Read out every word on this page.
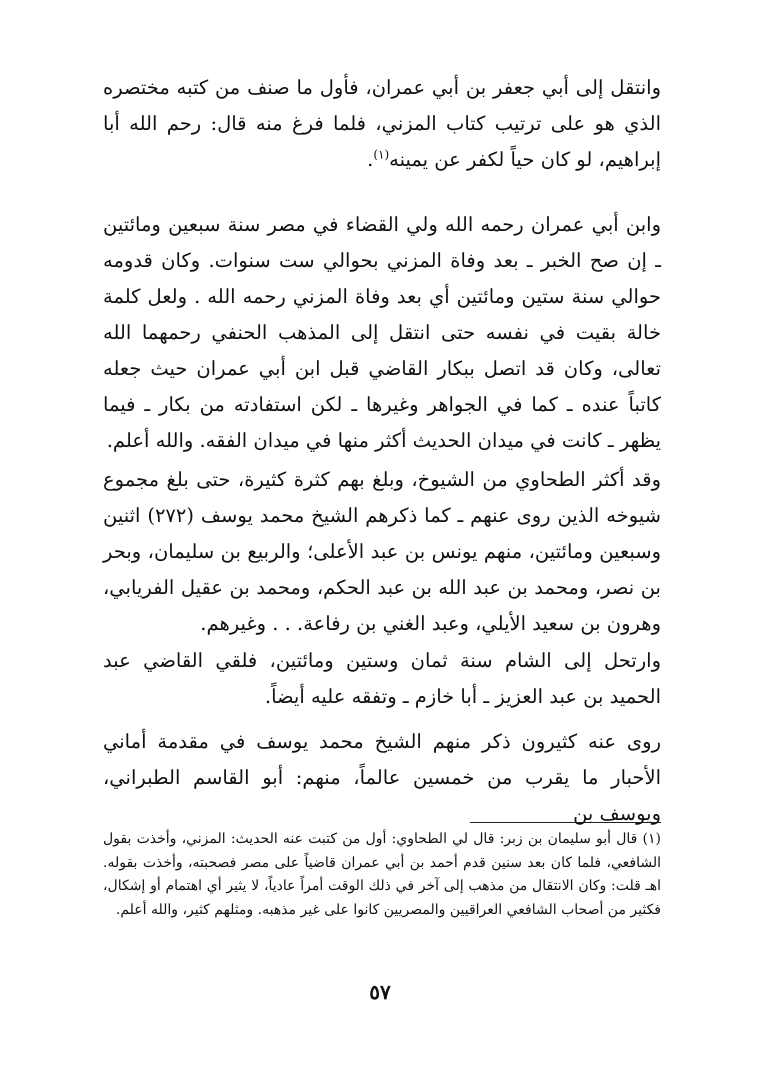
وانتقل إلى أبي جعفر بن أبي عمران، فأول ما صنف من كتبه مختصره الذي هو على ترتيب كتاب المزني، فلما فرغ منه قال: رحم الله أبا إبراهيم، لو كان حياً لكفر عن يمينه$^{(١)}$.

وابن أبي عمران رحمه الله ولي القضاء في مصر سنة سبعين ومائتين ـ إن صح الخبر ـ بعد وفاة المزني بحوالي ست سنوات. وكان قدومه حوالي سنة ستين ومائتين أي بعد وفاة المزني رحمه الله . ولعل كلمة خالة بقيت في نفسه حتى انتقل إلى المذهب الحنفي رحمهما الله تعالى، وكان قد اتصل ببكار القاضي قبل ابن أبي عمران حيث جعله كاتباً عنده ـ كما في الجواهر وغيرها ـ لكن استفادته من بكار ـ فيما يظهر ـ كانت في ميدان الحديث أكثر منها في ميدان الفقه. والله أعلم.

وقد أكثر الطحاوي من الشيوخ، وبلغ بهم كثرة كثيرة، حتى بلغ مجموع شيوخه الذين روى عنهم ـ كما ذكرهم الشيخ محمد يوسف (٢٧٢) اثنين وسبعين ومائتين، منهم يونس بن عبد الأعلى؛ والربيع بن سليمان، وبحر بن نصر، ومحمد بن عبد الله بن عبد الحكم، ومحمد بن عقيل الفريابي، وهرون بن سعيد الأيلي، وعبد الغني بن رفاعة. . . وغيرهم.

وارتحل إلى الشام سنة ثمان وستين ومائتين، فلقي القاضي عبد الحميد بن عبد العزيز ـ أبا خازم ـ وتفقه عليه أيضاً.

روى عنه كثيرون ذكر منهم الشيخ محمد يوسف في مقدمة أماني الأحبار ما يقرب من خمسين عالماً، منهم: أبو القاسم الطبراني، ويوسف بن

(١) قال أبو سليمان بن زبر: قال لي الطحاوي: أول من كتبت عنه الحديث: المزني، وأخذت بقول الشافعي، فلما كان بعد سنين قدم أحمد بن أبي عمران قاضياً على مصر فصحبته، وأخذت بقوله. اهـ قلت: وكان الانتقال من مذهب إلى آخر في ذلك الوقت أمراً عادياً، لا يثير أي اهتمام أو إشكال، فكثير من أصحاب الشافعي العراقيين والمصريين كانوا على غير مذهبه. ومثلهم كثير، والله أعلم.

٥٧
